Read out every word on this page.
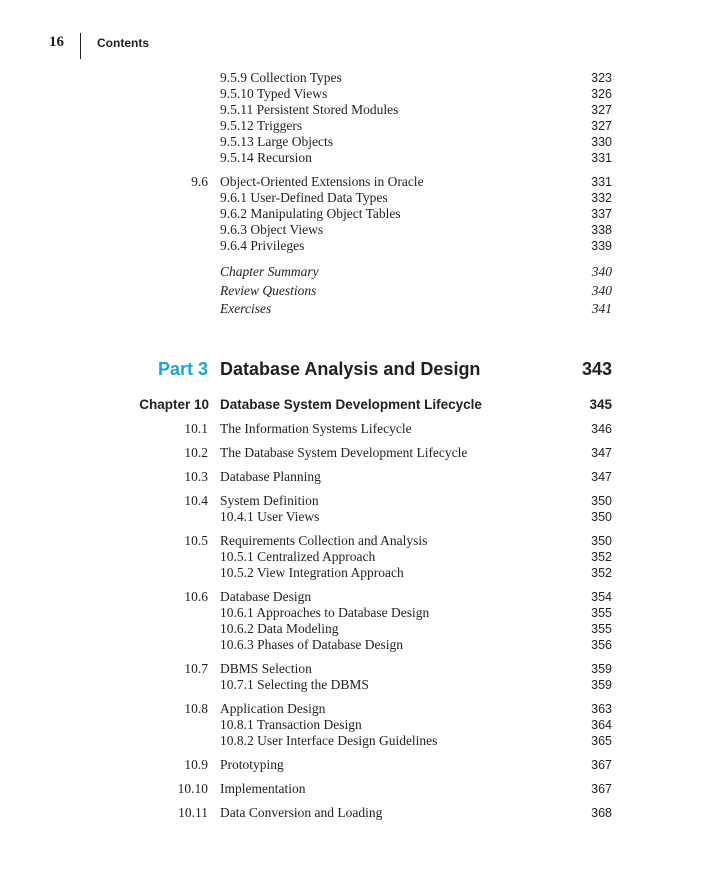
16	Contents
9.5.9 Collection Types	323
9.5.10 Typed Views	326
9.5.11 Persistent Stored Modules	327
9.5.12 Triggers	327
9.5.13 Large Objects	330
9.5.14 Recursion	331
9.6 Object-Oriented Extensions in Oracle	331
9.6.1 User-Defined Data Types	332
9.6.2 Manipulating Object Tables	337
9.6.3 Object Views	338
9.6.4 Privileges	339
Chapter Summary	340
Review Questions	340
Exercises	341
Part 3 Database Analysis and Design	343
Chapter 10 Database System Development Lifecycle	345
10.1 The Information Systems Lifecycle	346
10.2 The Database System Development Lifecycle	347
10.3 Database Planning	347
10.4 System Definition	350
10.4.1 User Views	350
10.5 Requirements Collection and Analysis	350
10.5.1 Centralized Approach	352
10.5.2 View Integration Approach	352
10.6 Database Design	354
10.6.1 Approaches to Database Design	355
10.6.2 Data Modeling	355
10.6.3 Phases of Database Design	356
10.7 DBMS Selection	359
10.7.1 Selecting the DBMS	359
10.8 Application Design	363
10.8.1 Transaction Design	364
10.8.2 User Interface Design Guidelines	365
10.9 Prototyping	367
10.10 Implementation	367
10.11 Data Conversion and Loading	368
